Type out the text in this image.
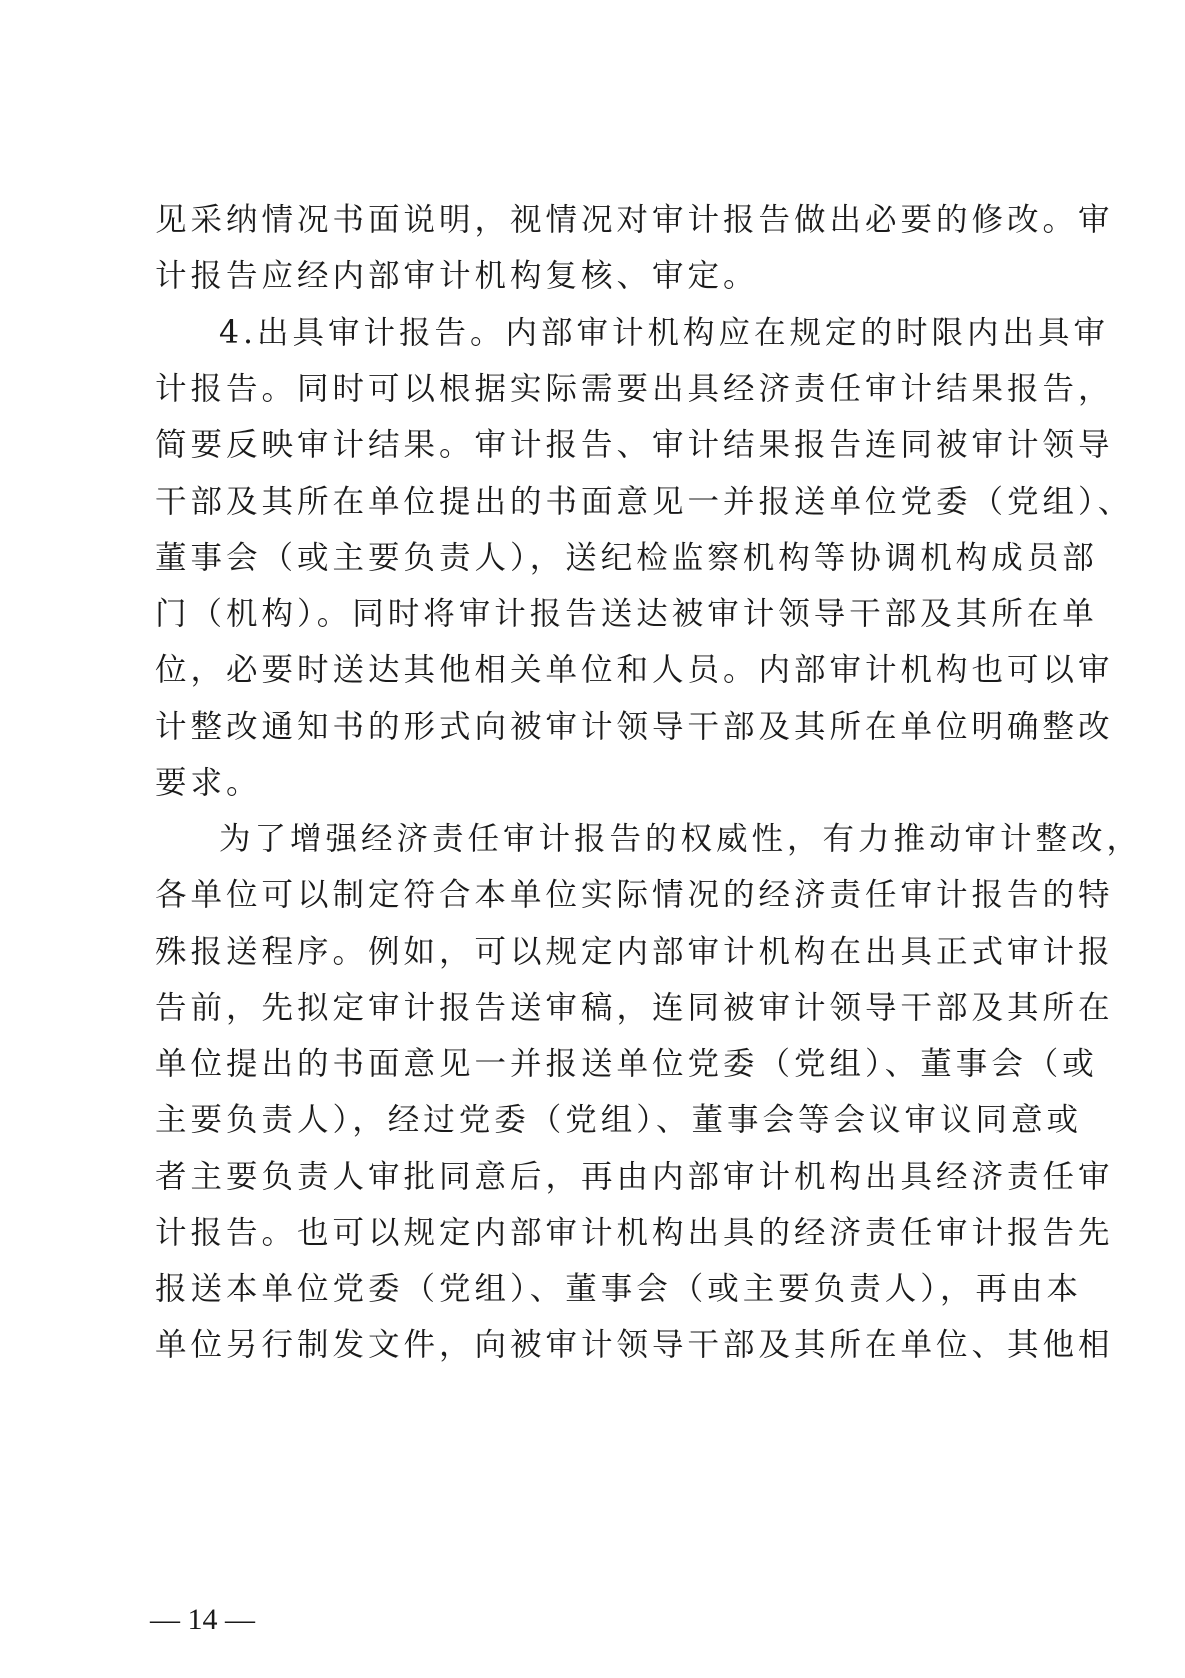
见采纳情况书面说明，视情况对审计报告做出必要的修改。审
计报告应经内部审计机构复核、审定。
4.出具审计报告。内部审计机构应在规定的时限内出具审
计报告。同时可以根据实际需要出具经济责任审计结果报告，
简要反映审计结果。审计报告、审计结果报告连同被审计领导
干部及其所在单位提出的书面意见一并报送单位党委（党组）、
董事会（或主要负责人），送纪检监察机构等协调机构成员部
门（机构）。同时将审计报告送达被审计领导干部及其所在单
位，必要时送达其他相关单位和人员。内部审计机构也可以审
计整改通知书的形式向被审计领导干部及其所在单位明确整改
要求。
为了增强经济责任审计报告的权威性，有力推动审计整改，
各单位可以制定符合本单位实际情况的经济责任审计报告的特
殊报送程序。例如，可以规定内部审计机构在出具正式审计报
告前，先拟定审计报告送审稿，连同被审计领导干部及其所在
单位提出的书面意见一并报送单位党委（党组）、董事会（或
主要负责人），经过党委（党组）、董事会等会议审议同意或
者主要负责人审批同意后，再由内部审计机构出具经济责任审
计报告。也可以规定内部审计机构出具的经济责任审计报告先
报送本单位党委（党组）、董事会（或主要负责人），再由本
单位另行制发文件，向被审计领导干部及其所在单位、其他相
— 14 —
